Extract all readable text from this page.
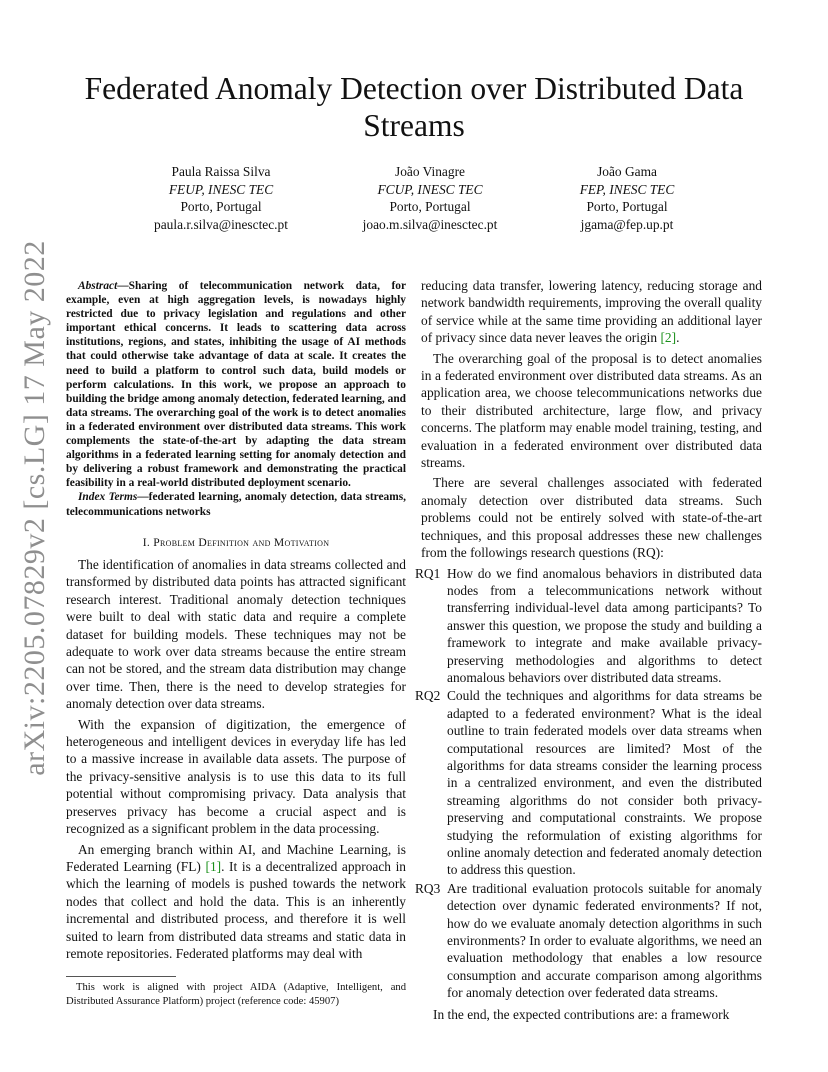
Federated Anomaly Detection over Distributed Data Streams
Paula Raissa Silva
FEUP, INESC TEC
Porto, Portugal
paula.r.silva@inesctec.pt
João Vinagre
FCUP, INESC TEC
Porto, Portugal
joao.m.silva@inesctec.pt
João Gama
FEP, INESC TEC
Porto, Portugal
jgama@fep.up.pt
arXiv:2205.07829v2 [cs.LG] 17 May 2022	Abstract—Sharing of telecommunication network data, for example, even at high aggregation levels, is nowadays highly restricted due to privacy legislation and regulations and other important ethical concerns. It leads to scattering data across institutions, regions, and states, inhibiting the usage of AI methods that could otherwise take advantage of data at scale. It creates the need to build a platform to control such data, build models or perform calculations. In this work, we propose an approach to building the bridge among anomaly detection, federated learning, and data streams. The overarching goal of the work is to detect anomalies in a federated environment over distributed data streams. This work complements the state-of-the-art by adapting the data stream algorithms in a federated learning setting for anomaly detection and by delivering a robust framework and demonstrating the practical feasibility in a real-world distributed deployment scenario.

Index Terms—federated learning, anomaly detection, data streams, telecommunications networks

I. Problem Definition and Motivation

The identification of anomalies in data streams collected and transformed by distributed data points has attracted significant research interest. Traditional anomaly detection techniques were built to deal with static data and require a complete dataset for building models. These techniques may not be adequate to work over data streams because the entire stream can not be stored, and the stream data distribution may change over time. Then, there is the need to develop strategies for anomaly detection over data streams.

With the expansion of digitization, the emergence of heterogeneous and intelligent devices in everyday life has led to a massive increase in available data assets. The purpose of the privacy-sensitive analysis is to use this data to its full potential without compromising privacy. Data analysis that preserves privacy has become a crucial aspect and is recognized as a significant problem in the data processing.

An emerging branch within AI, and Machine Learning, is Federated Learning (FL) [1]. It is a decentralized approach in which the learning of models is pushed towards the network nodes that collect and hold the data. This is an inherently incremental and distributed process, and therefore it is well suited to learn from distributed data streams and static data in remote repositories. Federated platforms may deal with

This work is aligned with project AIDA (Adaptive, Intelligent, and Distributed Assurance Platform) project (reference code: 45907)

reducing data transfer, lowering latency, reducing storage and network bandwidth requirements, improving the overall quality of service while at the same time providing an additional layer of privacy since data never leaves the origin [2].

The overarching goal of the proposal is to detect anomalies in a federated environment over distributed data streams. As an application area, we choose telecommunications networks due to their distributed architecture, large flow, and privacy concerns. The platform may enable model training, testing, and evaluation in a federated environment over distributed data streams.

There are several challenges associated with federated anomaly detection over distributed data streams. Such problems could not be entirely solved with state-of-the-art techniques, and this proposal addresses these new challenges from the followings research questions (RQ):

RQ1 How do we find anomalous behaviors in distributed data nodes from a telecommunications network without transferring individual-level data among participants? To answer this question, we propose the study and building a framework to integrate and make available privacy-preserving methodologies and algorithms to detect anomalous behaviors over distributed data streams.
RQ2 Could the techniques and algorithms for data streams be adapted to a federated environment? What is the ideal outline to train federated models over data streams when computational resources are limited? Most of the algorithms for data streams consider the learning process in a centralized environment, and even the distributed streaming algorithms do not consider both privacy-preserving and computational constraints. We propose studying the reformulation of existing algorithms for online anomaly detection and federated anomaly detection to address this question.
RQ3 Are traditional evaluation protocols suitable for anomaly detection over dynamic federated environments? If not, how do we evaluate anomaly detection algorithms in such environments? In order to evaluate algorithms, we need an evaluation methodology that enables a low resource consumption and accurate comparison among algorithms for anomaly detection over federated data streams.

In the end, the expected contributions are: a framework
